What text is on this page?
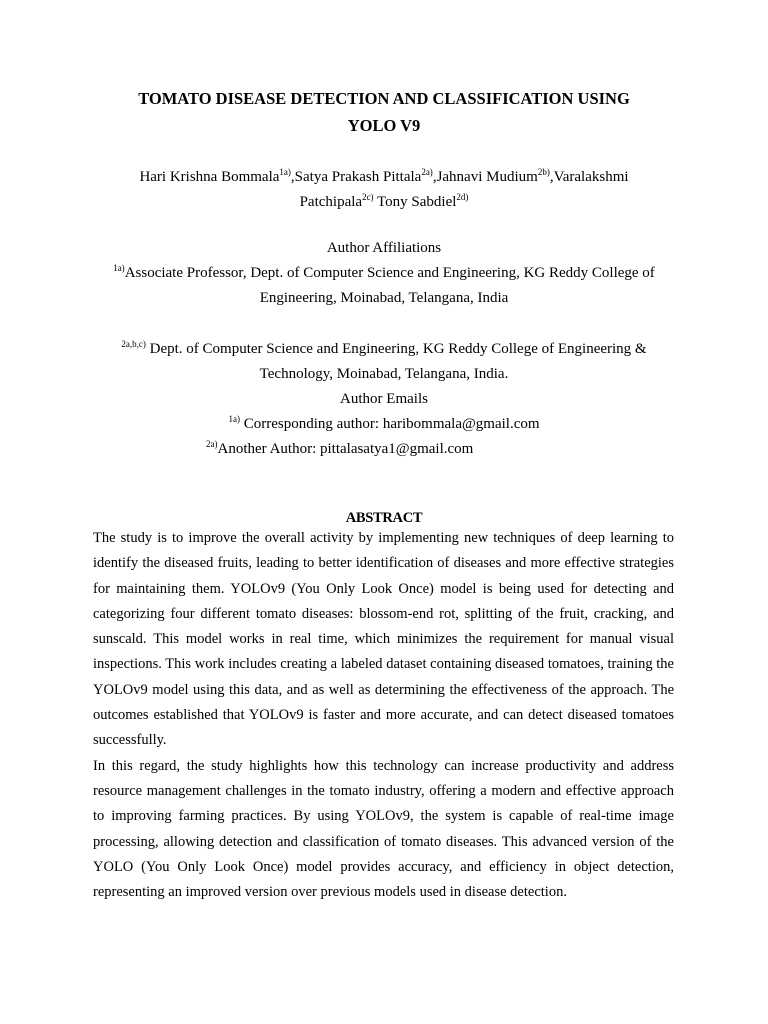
TOMATO DISEASE DETECTION AND CLASSIFICATION USING
YOLO V9
Hari Krishna Bommala$^{1a)}$,Satya Prakash Pittala$^{2a)}$,Jahnavi Mudium$^{2b)}$,Varalakshmi
Patchipala$^{2c)}$ Tony Sabdiel$^{2d)}$
Author Affiliations
$^{1a)}$Associate Professor, Dept. of Computer Science and Engineering, KG Reddy College of
Engineering, Moinabad, Telangana, India
$^{2a,b,c)}$ Dept. of Computer Science and Engineering, KG Reddy College of Engineering &
Technology, Moinabad, Telangana, India.
Author Emails
$^{1a)}$ Corresponding author: haribommala@gmail.com
$^{2a)}$Another Author: pittalasatya1@gmail.com
ABSTRACT

The study is to improve the overall activity by implementing new techniques of deep learning to identify the diseased fruits, leading to better identification of diseases and more effective strategies for maintaining them. YOLOv9 (You Only Look Once) model is being used for detecting and categorizing four different tomato diseases: blossom-end rot, splitting of the fruit, cracking, and sunscald. This model works in real time, which minimizes the requirement for manual visual inspections. This work includes creating a labeled dataset containing diseased tomatoes, training the YOLOv9 model using this data, and as well as determining the effectiveness of the approach. The outcomes established that YOLOv9 is faster and more accurate, and can detect diseased tomatoes successfully.

In this regard, the study highlights how this technology can increase productivity and address resource management challenges in the tomato industry, offering a modern and effective approach to improving farming practices. By using YOLOv9, the system is capable of real-time image processing, allowing detection and classification of tomato diseases. This advanced version of the YOLO (You Only Look Once) model provides accuracy, and efficiency in object detection, representing an improved version over previous models used in disease detection.
